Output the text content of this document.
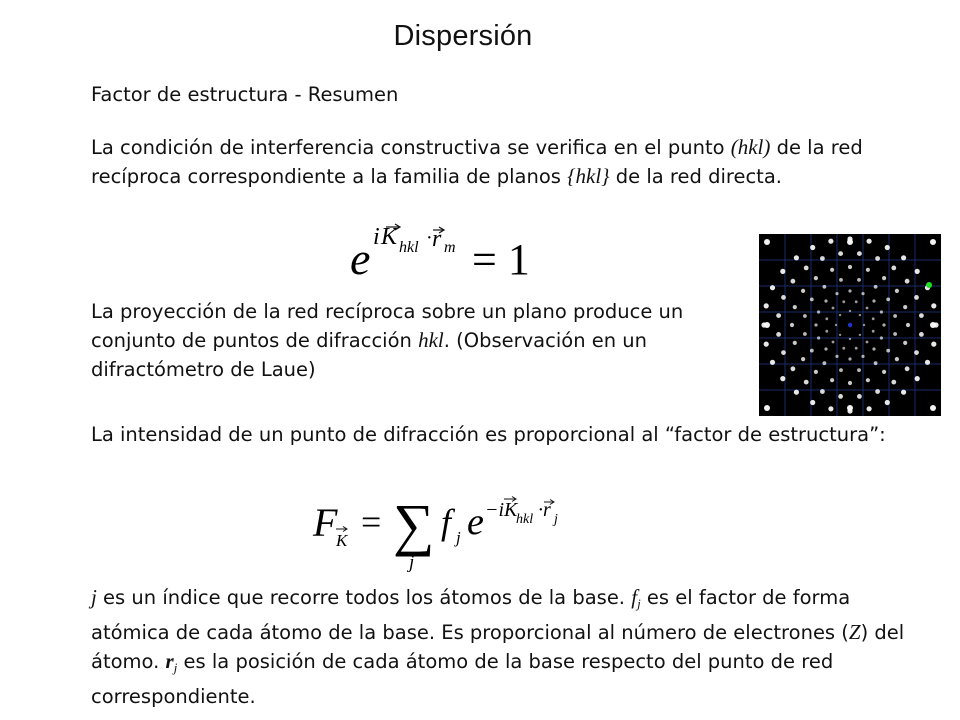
Dispersión
Factor de estructura - Resumen
La condición de interferencia constructiva se verifica en el punto (hkl) de la red recíproca correspondiente a la familia de planos {hkl} de la red directa.
e i K hkl · r m = 1
La proyección de la red recíproca sobre un plano produce un conjunto de puntos de difracción hkl. (Observación en un difractómetro de Laue)
La intensidad de un punto de difracción es proporcional al “factor de estructura”:
F
K = ∑
j
f j e −iK
hkl ·r j
j es un índice que recorre todos los átomos de la base. $f_j$ es el factor de forma atómica de cada átomo de la base. Es proporcional al número de electrones (Z) del átomo. $r_j$ es la posición de cada átomo de la base respecto del punto de red correspondiente.
